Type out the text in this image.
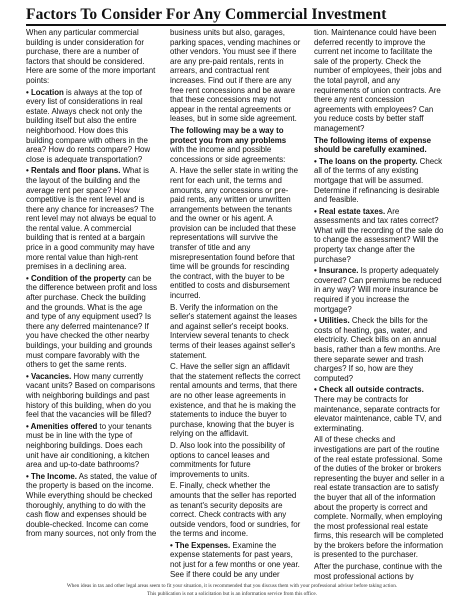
Factors To Consider For Any Commercial Investment

When any particular commercial building is under consideration for purchase, there are a number of factors that should be considered. Here are some of the more important points:

• Location is always at the top of every list of considerations in real estate. Always check not only the building itself but also the entire neighborhood. How does this building compare with others in the area? How do rents compare? How close is adequate transportation?

• Rentals and floor plans. What is the layout of the building and the average rent per space? How competitive is the rent level and is there any chance for increases? The rent level may not always be equal to the rental value. A commercial building that is rented at a bargain price in a good community may have more rental value than high-rent premises in a declining area.

• Condition of the property can be the difference between profit and loss after purchase. Check the building and the grounds. What is the age and type of any equipment used? Is there any deferred maintenance? If you have checked the other nearby buildings, your building and grounds must compare favorably with the others to get the same rents.

• Vacancies. How many currently vacant units? Based on comparisons with neighboring buildings and past history of this building, when do you feel that the vacancies will be filled?

• Amenities offered to your tenants must be in line with the type of neighboring buildings. Does each unit have air conditioning, a kitchen area and up-to-date bathrooms?

• The Income. As stated, the value of the property is based on the income. While everything should be checked thoroughly, anything to do with the cash flow and expenses should be double-checked. Income can come from many sources, not only from the

business units but also, garages, parking spaces, vending machines or other vendors. You must see if there are any pre-paid rentals, rents in arrears, and contractual rent increases. Find out if there are any free rent concessions and be aware that these concessions may not appear in the rental agreements or leases, but in some side agreement.

The following may be a way to protect you from any problems with the income and possible concessions or side agreements:

A. Have the seller state in writing the rent for each unit, the terms and amounts, any concessions or pre-paid rents, any written or unwritten arrangements between the tenants and the owner or his agent. A provision can be included that these representations will survive the transfer of title and any misrepresentation found before that time will be grounds for rescinding the contract, with the buyer to be entitled to costs and disbursement incurred.

B. Verify the information on the seller's statement against the leases and against seller's receipt books. Interview several tenants to check terms of their leases against seller's statement.

C. Have the seller sign an affidavit that the statement reflects the correct rental amounts and terms, that there are no other lease agreements in existence, and that he is making the statements to induce the buyer to purchase, knowing that the buyer is relying on the affidavit.

D. Also look into the possibility of options to cancel leases and commitments for future improvements to units.

E. Finally, check whether the amounts that the seller has reported as tenant's security deposits are correct. Check contracts with any outside vendors, food or sundries, for the terms and income.

• The Expenses. Examine the expense statements for past years, not just for a few months or one year. See if there could be any under

tion. Maintenance could have been deferred recently to improve the current net income to facilitate the sale of the property. Check the number of employees, their jobs and the total payroll, and any requirements of union contracts. Are there any rent concession agreements with employees? Can you reduce costs by better staff management?

The following items of expense should be carefully examined.

• The loans on the property. Check all of the terms of any existing mortgage that will be assumed. Determine if refinancing is desirable and feasible.

• Real estate taxes. Are assessments and tax rates correct? What will the recording of the sale do to change the assessment? Will the property tax change after the purchase?

• Insurance. Is property adequately covered? Can premiums be reduced in any way? Will more insurance be required if you increase the mortgage?

• Utilities. Check the bills for the costs of heating, gas, water, and electricity. Check bills on an annual basis, rather than a few months. Are there separate sewer and trash charges? If so, how are they computed?

• Check all outside contracts. There may be contracts for maintenance, separate contracts for elevator maintenance, cable TV, and exterminating.

All of these checks and investigations are part of the routine of the real estate professional. Some of the duties of the broker or brokers representing the buyer and seller in a real estate transaction are to satisfy the buyer that all of the information about the property is correct and complete. Normally, when employing the most professional real estate firms, this research will be completed by the brokers before the information is presented to the purchaser.

After the purchase, continue with the most professional actions by

When ideas in tax and other legal areas seem to fit your situation, it is recommended that you discuss them with your professional advisor before taking action.
This publication is not a solicitation but is an information service from this office.
